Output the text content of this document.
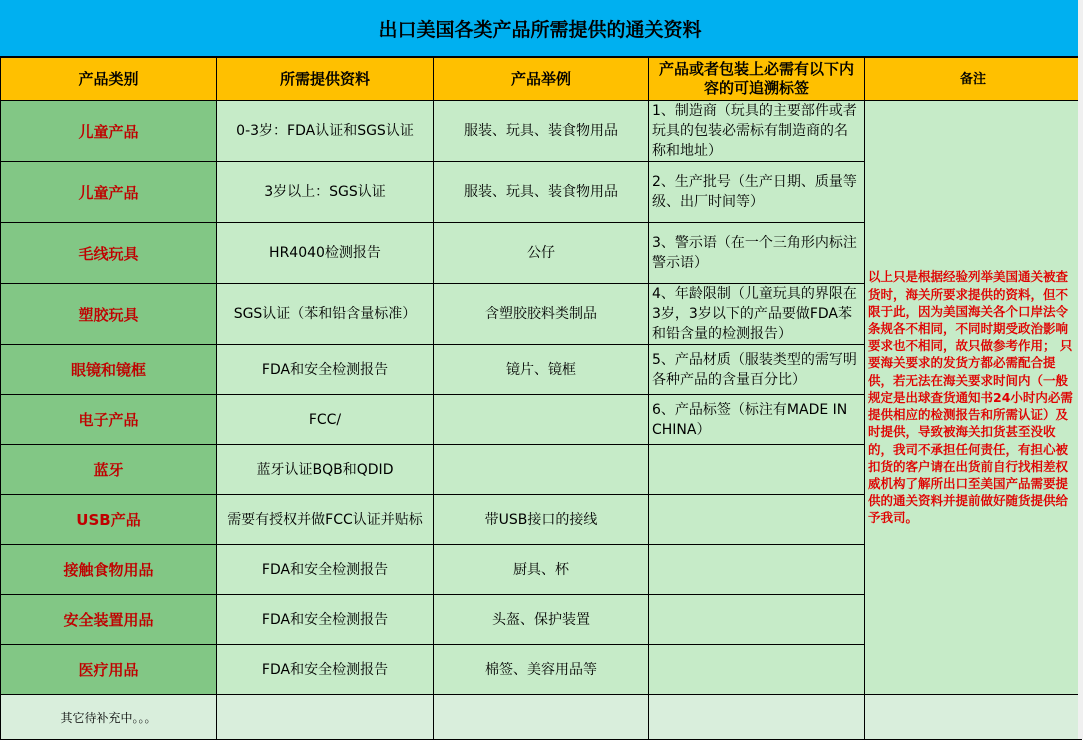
出口美国各类产品所需提供的通关资料
产品类别	所需提供资料	产品举例	产品或者包装上必需有以下内容的可追溯标签	备注
儿童产品	0-3岁：FDA认证和SGS认证	服装、玩具、装食物用品	1、制造商（玩具的主要部件或者玩具的包装必需标有制造商的名称和地址）	以上只是根据经验列举美国通关被查货时，海关所要求提供的资料，但不限于此，因为美国海关各个口岸法令条规各不相同，不同时期受政治影响要求也不相同，故只做参考作用； 只要海关要求的发货方都必需配合提供，若无法在海关要求时间内（一般规定是出球查货通知书24小时内必需提供相应的检测报告和所需认证）及时提供，导致被海关扣货甚至没收的，我司不承担任何责任，有担心被扣货的客户请在出货前自行找相差权威机构了解所出口至美国产品需要提供的通关资料并提前做好随货提供给予我司。
儿童产品	3岁以上：SGS认证	服装、玩具、装食物用品	2、生产批号（生产日期、质量等级、出厂时间等）	
毛线玩具	HR4040检测报告	公仔	3、警示语（在一个三角形内标注警示语）	
塑胶玩具	SGS认证（苯和铅含量标准）	含塑胶胶料类制品	4、年龄限制（儿童玩具的界限在3岁，3岁以下的产品要做FDA苯和铅含量的检测报告）	
眼镜和镜框	FDA和安全检测报告	镜片、镜框	5、产品材质（服装类型的需写明各种产品的含量百分比）	
电子产品	FCC/		6、产品标签（标注有MADE IN CHINA）	
蓝牙	蓝牙认证BQB和QDID			
USB产品	需要有授权并做FCC认证并贴标	带USB接口的接线		
接触食物用品	FDA和安全检测报告	厨具、杯		
安全装置用品	FDA和安全检测报告	头盔、保护装置		
医疗用品	FDA和安全检测报告	棉签、美容用品等		
其它待补充中。。。				
